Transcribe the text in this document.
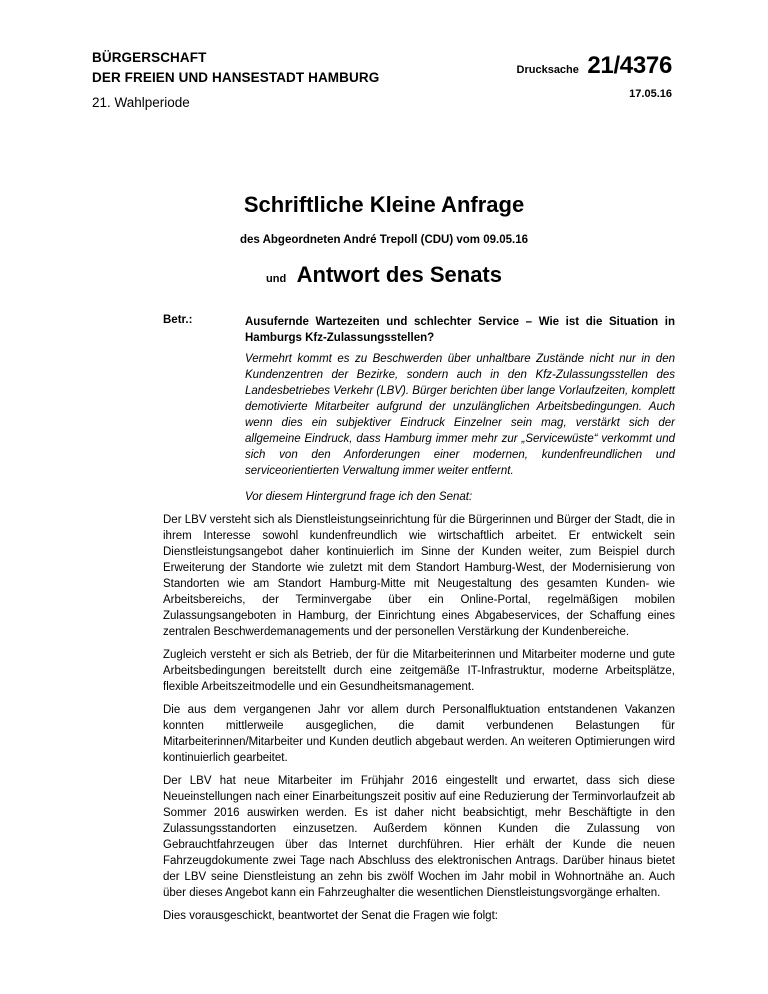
BÜRGERSCHAFT
DER FREIEN UND HANSESTADT HAMBURG
21. Wahlperiode
Drucksache 21/4376
17.05.16
Schriftliche Kleine Anfrage
des Abgeordneten André Trepoll (CDU) vom 09.05.16
und Antwort des Senats
Betr.:	Ausufernde Wartezeiten und schlechter Service – Wie ist die Situation in Hamburgs Kfz-Zulassungsstellen?

Vermehrt kommt es zu Beschwerden über unhaltbare Zustände nicht nur in den Kundenzentren der Bezirke, sondern auch in den Kfz-Zulassungsstellen des Landesbetriebes Verkehr (LBV). Bürger berichten über lange Vorlaufzeiten, komplett demotivierte Mitarbeiter aufgrund der unzulänglichen Arbeitsbedingungen. Auch wenn dies ein subjektiver Eindruck Einzelner sein mag, verstärkt sich der allgemeine Eindruck, dass Hamburg immer mehr zur „Servicewüste“ verkommt und sich von den Anforderungen einer modernen, kundenfreundlichen und serviceorientierten Verwaltung immer weiter entfernt.

Vor diesem Hintergrund frage ich den Senat:

Der LBV versteht sich als Dienstleistungseinrichtung für die Bürgerinnen und Bürger der Stadt, die in ihrem Interesse sowohl kundenfreundlich wie wirtschaftlich arbeitet. Er entwickelt sein Dienstleistungsangebot daher kontinuierlich im Sinne der Kunden weiter, zum Beispiel durch Erweiterung der Standorte wie zuletzt mit dem Standort Hamburg-West, der Modernisierung von Standorten wie am Standort Hamburg-Mitte mit Neugestaltung des gesamten Kunden- wie Arbeitsbereichs, der Terminvergabe über ein Online-Portal, regelmäßigen mobilen Zulassungsangeboten in Hamburg, der Einrichtung eines Abgabeservices, der Schaffung eines zentralen Beschwerdemanagements und der personellen Verstärkung der Kundenbereiche.

Zugleich versteht er sich als Betrieb, der für die Mitarbeiterinnen und Mitarbeiter moderne und gute Arbeitsbedingungen bereitstellt durch eine zeitgemäße IT-Infrastruktur, moderne Arbeitsplätze, flexible Arbeitszeitmodelle und ein Gesundheitsmanagement.

Die aus dem vergangenen Jahr vor allem durch Personalfluktuation entstandenen Vakanzen konnten mittlerweile ausgeglichen, die damit verbundenen Belastungen für Mitarbeiterinnen/Mitarbeiter und Kunden deutlich abgebaut werden. An weiteren Optimierungen wird kontinuierlich gearbeitet.

Der LBV hat neue Mitarbeiter im Frühjahr 2016 eingestellt und erwartet, dass sich diese Neueinstellungen nach einer Einarbeitungszeit positiv auf eine Reduzierung der Terminvorlaufzeit ab Sommer 2016 auswirken werden. Es ist daher nicht beabsichtigt, mehr Beschäftigte in den Zulassungsstandorten einzusetzen. Außerdem können Kunden die Zulassung von Gebrauchtfahrzeugen über das Internet durchführen. Hier erhält der Kunde die neuen Fahrzeugdokumente zwei Tage nach Abschluss des elektronischen Antrags. Darüber hinaus bietet der LBV seine Dienstleistung an zehn bis zwölf Wochen im Jahr mobil in Wohnortnähe an. Auch über dieses Angebot kann ein Fahrzeughalter die wesentlichen Dienstleistungsvorgänge erhalten.

Dies vorausgeschickt, beantwortet der Senat die Fragen wie folgt:
